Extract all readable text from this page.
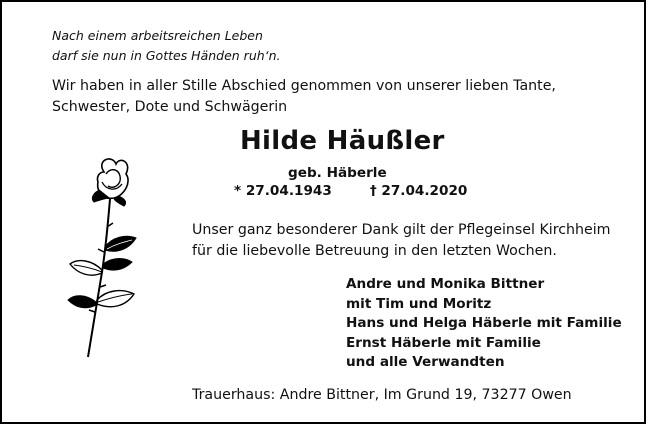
Nach einem arbeitsreichen Leben
darf sie nun in Gottes Händen ruh‘n.
Wir haben in aller Stille Abschied genommen von unserer lieben Tante, Schwester, Dote und Schwägerin
Hilde Häußler
geb. Häberle
* 27.04.1943	† 27.04.2020
Unser ganz besonderer Dank gilt der Pflegeinsel Kirchheim für die liebevolle Betreuung in den letzten Wochen.
Andre und Monika Bittner
mit Tim und Moritz
Hans und Helga Häberle mit Familie
Ernst Häberle mit Familie
und alle Verwandten
Trauerhaus: Andre Bittner, Im Grund 19, 73277 Owen
